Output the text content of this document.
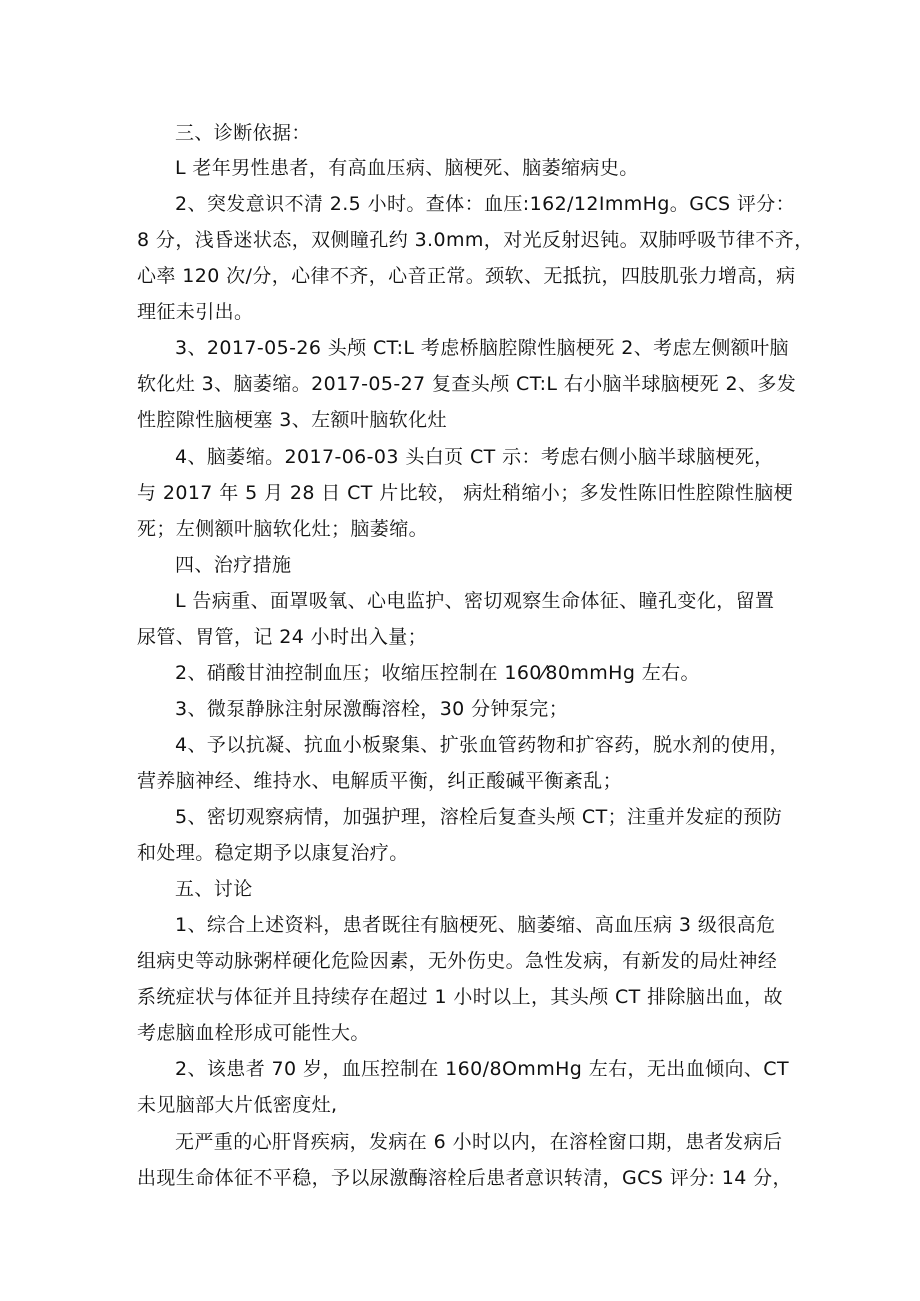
三、诊断依据：
L 老年男性患者，有高血压病、脑梗死、脑萎缩病史。
2、突发意识不清 2.5 小时。查体：血压:162/12ImmHg。GCS 评分：
8 分，浅昏迷状态，双侧瞳孔约 3.0mm，对光反射迟钝。双肺呼吸节律不齐，
心率 120 次/分，心律不齐，心音正常。颈软、无抵抗，四肢肌张力增高，病
理征未引出。
3、2017-05-26 头颅 CT:L 考虑桥脑腔隙性脑梗死 2、考虑左侧额叶脑
软化灶 3、脑萎缩。2017-05-27 复查头颅 CT:L 右小脑半球脑梗死 2、多发
性腔隙性脑梗塞 3、左额叶脑软化灶
4、脑萎缩。2017-06-03 头白页 CT 示：考虑右侧小脑半球脑梗死，
与 2017 年 5 月 28 日 CT 片比较， 病灶稍缩小；多发性陈旧性腔隙性脑梗
死；左侧额叶脑软化灶；脑萎缩。
四、治疗措施
L 告病重、面罩吸氧、心电监护、密切观察生命体征、瞳孔变化，留置
尿管、胃管，记 24 小时出入量；
2、硝酸甘油控制血压；收缩压控制在 160⁄80mmHg 左右。
3、微泵静脉注射尿激酶溶栓，30 分钟泵完；
4、予以抗凝、抗血小板聚集、扩张血管药物和扩容药，脱水剂的使用，
营养脑神经、维持水、电解质平衡，纠正酸碱平衡紊乱；
5、密切观察病情，加强护理，溶栓后复查头颅 CT；注重并发症的预防
和处理。稳定期予以康复治疗。
五、讨论
1、综合上述资料，患者既往有脑梗死、脑萎缩、高血压病 3 级很高危
组病史等动脉粥样硬化危险因素，无外伤史。急性发病，有新发的局灶神经
系统症状与体征并且持续存在超过 1 小时以上，其头颅 CT 排除脑出血，故
考虑脑血栓形成可能性大。
2、该患者 70 岁，血压控制在 160/8OmmHg 左右，无出血倾向、CT
未见脑部大片低密度灶,
无严重的心肝肾疾病，发病在 6 小时以内，在溶栓窗口期，患者发病后
出现生命体征不平稳，予以尿激酶溶栓后患者意识转清，GCS 评分: 14 分，
